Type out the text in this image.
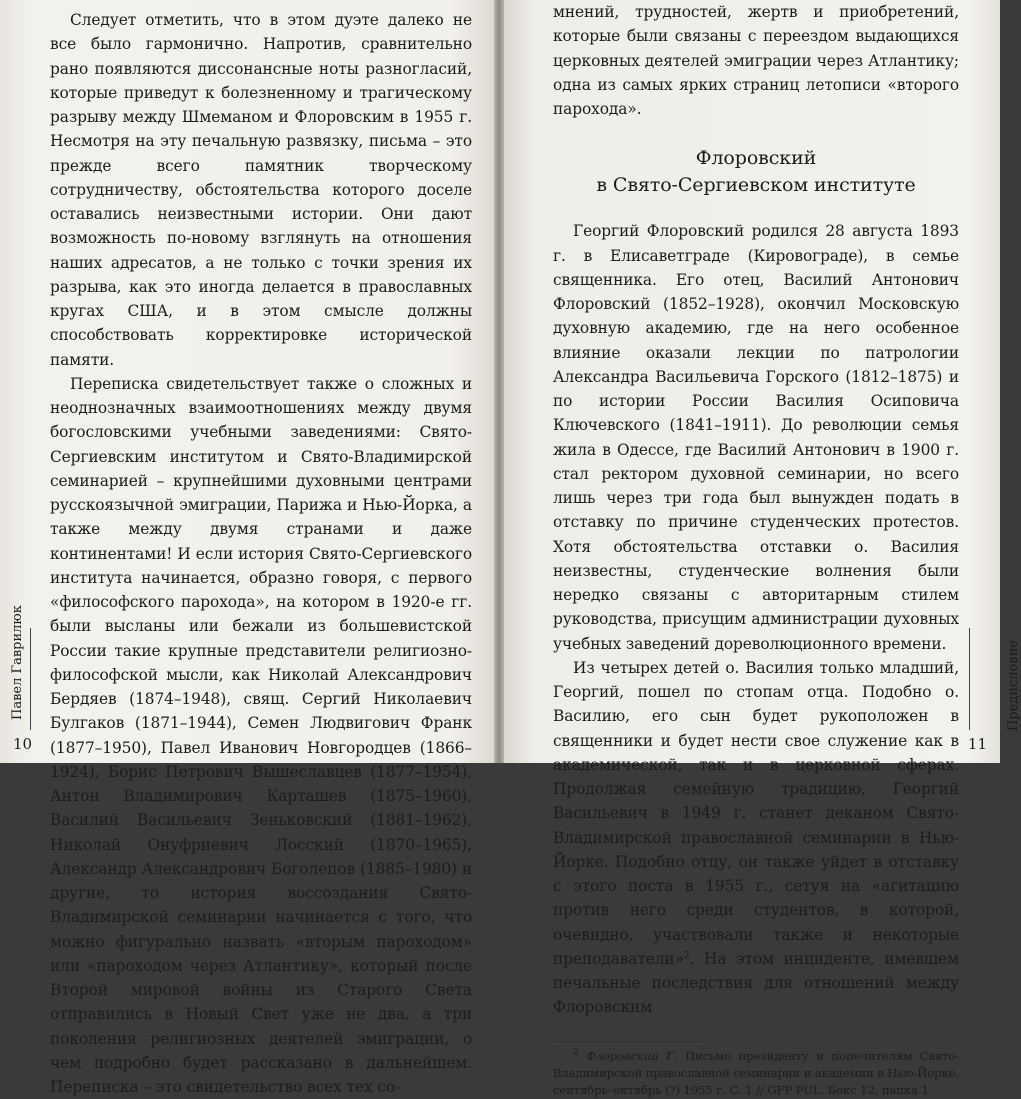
Следует отметить, что в этом дуэте далеко не все было гармонично. Напротив, сравнительно рано появляются диссонансные ноты разногласий, которые приведут к болезненному и трагическому разрыву между Шмеманом и Флоровским в 1955 г. Несмотря на эту печальную развязку, письма – это прежде всего памятник творческому сотрудничеству, обстоятельства которого доселе оставались неизвестными истории. Они дают возможность по-новому взглянуть на отношения наших адресатов, а не только с точки зрения их разрыва, как это иногда делается в православных кругах США, и в этом смысле должны способствовать корректировке исторической памяти.

Переписка свидетельствует также о сложных и неоднозначных взаимоотношениях между двумя богословскими учебными заведениями: Свято-Сергиевским институтом и Свято-Владимирской семинарией – крупнейшими духовными центрами русскоязычной эмиграции, Парижа и Нью-Йорка, а также между двумя странами и даже континентами! И если история Свято-Сергиевского института начинается, образно говоря, с первого «философского парохода», на котором в 1920-е гг. были высланы или бежали из большевистской России такие крупные представители религиозно-философской мысли, как Николай Александрович Бердяев (1874–1948), свящ. Сергий Николаевич Булгаков (1871–1944), Семен Людвигович Франк (1877–1950), Павел Иванович Новгородцев (1866–1924), Борис Петрович Вышеславцев (1877–1954), Антон Владимирович Карташев (1875–1960), Василий Васильевич Зеньковский (1881–1962), Николай Онуфриевич Лосский (1870–1965), Александр Александрович Боголепов (1885–1980) и другие, то история воссоздания Свято-Владимирской семинарии начинается с того, что можно фигурально назвать «вторым пароходом» или «пароходом через Атлантику», который после Второй мировой войны из Старого Света отправились в Новый Свет уже не два, а три поколения религиозных деятелей эмиграции, о чем подробно будет рассказано в дальнейшем. Переписка – это свидетельство всех тех со-

Павел Гаврилюк
10

мнений, трудностей, жертв и приобретений, которые были связаны с переездом выдающихся церковных деятелей эмиграции через Атлантику; одна из самых ярких страниц летописи «второго парохода».

Флоровский
в Свято-Сергиевском институте

Георгий Флоровский родился 28 августа 1893 г. в Елисаветграде (Кировограде), в семье священника. Его отец, Василий Антонович Флоровский (1852–1928), окончил Московскую духовную академию, где на него особенное влияние оказали лекции по патрологии Александра Васильевича Горского (1812–1875) и по истории России Василия Осиповича Ключевского (1841–1911). До революции семья жила в Одессе, где Василий Антонович в 1900 г. стал ректором духовной семинарии, но всего лишь через три года был вынужден подать в отставку по причине студенческих протестов. Хотя обстоятельства отставки о. Василия неизвестны, студенческие волнения были нередко связаны с авторитарным стилем руководства, присущим администрации духовных учебных заведений дореволюционного времени.

Из четырех детей о. Василия только младший, Георгий, пошел по стопам отца. Подобно о. Василию, его сын будет рукоположен в священники и будет нести свое служение как в академической, так и в церковной сферах. Продолжая семейную традицию, Георгий Васильевич в 1949 г. станет деканом Свято-Владимирской православной семинарии в Нью-Йорке. Подобно отцу, он также уйдет в отставку с этого поста в 1955 г., сетуя на «агитацию против него среди студентов, в которой, очевидно, участвовали также и некоторые преподаватели»$^2$. На этом инциденте, имевшем печальные последствия для отношений между Флоровским

$^2$ Флоровский Г. Письмо президенту и попечителям Свято-Владимирской православной семинарии и академии в Нью-Йорке, сентябрь–октябрь (?) 1955 г. С. 1 // GFP PUL. Бокс 12, папка 1.

Предисловие
11
